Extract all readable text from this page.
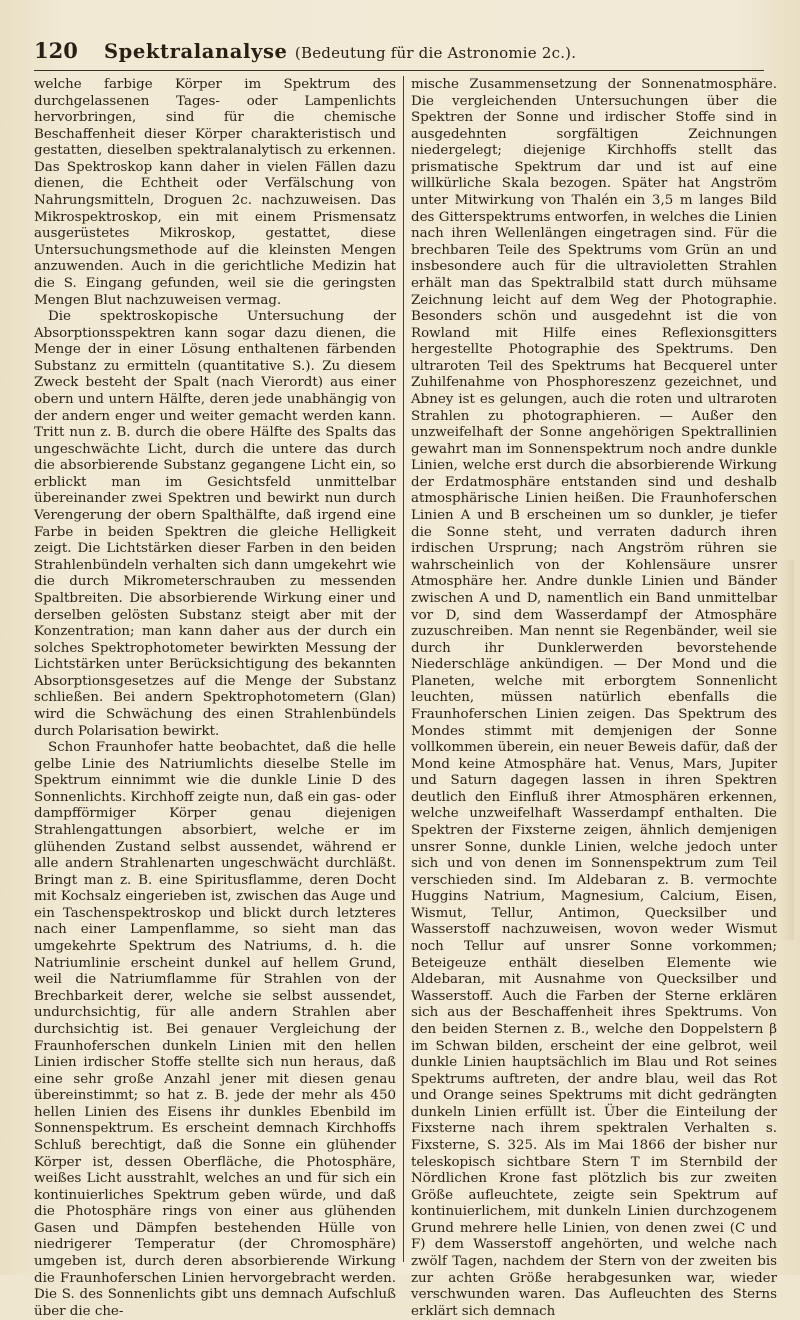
120	Spektralanalyse (Bedeutung für die Astronomie 2c.).

welche farbige Körper im Spektrum des durchgelassenen Tages- oder Lampenlichts hervorbringen, sind für die chemische Beschaffenheit dieser Körper charakteristisch und gestatten, dieselben spektralanalytisch zu erkennen. Das Spektroskop kann daher in vielen Fällen dazu dienen, die Echtheit oder Verfälschung von Nahrungsmitteln, Droguen 2c. nachzuweisen. Das Mikrospektroskop, ein mit einem Prismensatz ausgerüstetes Mikroskop, gestattet, diese Untersuchungsmethode auf die kleinsten Mengen anzuwenden. Auch in die gerichtliche Medizin hat die S. Eingang gefunden, weil sie die geringsten Mengen Blut nachzuweisen vermag.

Die spektroskopische Untersuchung der Absorptionsspektren kann sogar dazu dienen, die Menge der in einer Lösung enthaltenen färbenden Substanz zu ermitteln (quantitative S.). Zu diesem Zweck besteht der Spalt (nach Vierordt) aus einer obern und untern Hälfte, deren jede unabhängig von der andern enger und weiter gemacht werden kann. Tritt nun z. B. durch die obere Hälfte des Spalts das ungeschwächte Licht, durch die untere das durch die absorbierende Substanz gegangene Licht ein, so erblickt man im Gesichtsfeld unmittelbar übereinander zwei Spektren und bewirkt nun durch Verengerung der obern Spalthälfte, daß irgend eine Farbe in beiden Spektren die gleiche Helligkeit zeigt. Die Lichtstärken dieser Farben in den beiden Strahlenbündeln verhalten sich dann umgekehrt wie die durch Mikrometerschrauben zu messenden Spaltbreiten. Die absorbierende Wirkung einer und derselben gelösten Substanz steigt aber mit der Konzentration; man kann daher aus der durch ein solches Spektrophotometer bewirkten Messung der Lichtstärken unter Berücksichtigung des bekannten Absorptionsgesetzes auf die Menge der Substanz schließen. Bei andern Spektrophotometern (Glan) wird die Schwächung des einen Strahlenbündels durch Polarisation bewirkt.

Schon Fraunhofer hatte beobachtet, daß die helle gelbe Linie des Natriumlichts dieselbe Stelle im Spektrum einnimmt wie die dunkle Linie D des Sonnenlichts. Kirchhoff zeigte nun, daß ein gas- oder dampfförmiger Körper genau diejenigen Strahlengattungen absorbiert, welche er im glühenden Zustand selbst aussendet, während er alle andern Strahlenarten ungeschwächt durchläßt. Bringt man z. B. eine Spiritusflamme, deren Docht mit Kochsalz eingerieben ist, zwischen das Auge und ein Taschenspektroskop und blickt durch letzteres nach einer Lampenflamme, so sieht man das umgekehrte Spektrum des Natriums, d. h. die Natriumlinie erscheint dunkel auf hellem Grund, weil die Natriumflamme für Strahlen von der Brechbarkeit derer, welche sie selbst aussendet, undurchsichtig, für alle andern Strahlen aber durchsichtig ist. Bei genauer Vergleichung der Fraunhoferschen dunkeln Linien mit den hellen Linien irdischer Stoffe stellte sich nun heraus, daß eine sehr große Anzahl jener mit diesen genau übereinstimmt; so hat z. B. jede der mehr als 450 hellen Linien des Eisens ihr dunkles Ebenbild im Sonnenspektrum. Es erscheint demnach Kirchhoffs Schluß berechtigt, daß die Sonne ein glühender Körper ist, dessen Oberfläche, die Photosphäre, weißes Licht ausstrahlt, welches an und für sich ein kontinuierliches Spektrum geben würde, und daß die Photosphäre rings von einer aus glühenden Gasen und Dämpfen bestehenden Hülle von niedrigerer Temperatur (der Chromosphäre) umgeben ist, durch deren absorbierende Wirkung die Fraunhoferschen Linien hervorgebracht werden. Die S. des Sonnenlichts gibt uns demnach Aufschluß über die che-

mische Zusammensetzung der Sonnenatmosphäre. Die vergleichenden Untersuchungen über die Spektren der Sonne und irdischer Stoffe sind in ausgedehnten sorgfältigen Zeichnungen niedergelegt; diejenige Kirchhoffs stellt das prismatische Spektrum dar und ist auf eine willkürliche Skala bezogen. Später hat Angström unter Mitwirkung von Thalén ein 3,5 m langes Bild des Gitterspektrums entworfen, in welches die Linien nach ihren Wellenlängen eingetragen sind. Für die brechbaren Teile des Spektrums vom Grün an und insbesondere auch für die ultravioletten Strahlen erhält man das Spektralbild statt durch mühsame Zeichnung leicht auf dem Weg der Photographie. Besonders schön und ausgedehnt ist die von Rowland mit Hilfe eines Reflexionsgitters hergestellte Photographie des Spektrums. Den ultraroten Teil des Spektrums hat Becquerel unter Zuhilfenahme von Phosphoreszenz gezeichnet, und Abney ist es gelungen, auch die roten und ultraroten Strahlen zu photographieren. — Außer den unzweifelhaft der Sonne angehörigen Spektrallinien gewahrt man im Sonnenspektrum noch andre dunkle Linien, welche erst durch die absorbierende Wirkung der Erdatmosphäre entstanden sind und deshalb atmosphärische Linien heißen. Die Fraunhoferschen Linien A und B erscheinen um so dunkler, je tiefer die Sonne steht, und verraten dadurch ihren irdischen Ursprung; nach Angström rühren sie wahrscheinlich von der Kohlensäure unsrer Atmosphäre her. Andre dunkle Linien und Bänder zwischen A und D, namentlich ein Band unmittelbar vor D, sind dem Wasserdampf der Atmosphäre zuzuschreiben. Man nennt sie Regenbänder, weil sie durch ihr Dunklerwerden bevorstehende Niederschläge ankündigen. — Der Mond und die Planeten, welche mit erborgtem Sonnenlicht leuchten, müssen natürlich ebenfalls die Fraunhoferschen Linien zeigen. Das Spektrum des Mondes stimmt mit demjenigen der Sonne vollkommen überein, ein neuer Beweis dafür, daß der Mond keine Atmosphäre hat. Venus, Mars, Jupiter und Saturn dagegen lassen in ihren Spektren deutlich den Einfluß ihrer Atmosphären erkennen, welche unzweifelhaft Wasserdampf enthalten. Die Spektren der Fixsterne zeigen, ähnlich demjenigen unsrer Sonne, dunkle Linien, welche jedoch unter sich und von denen im Sonnenspektrum zum Teil verschieden sind. Im Aldebaran z. B. vermochte Huggins Natrium, Magnesium, Calcium, Eisen, Wismut, Tellur, Antimon, Quecksilber und Wasserstoff nachzuweisen, wovon weder Wismut noch Tellur auf unsrer Sonne vorkommen; Beteigeuze enthält dieselben Elemente wie Aldebaran, mit Ausnahme von Quecksilber und Wasserstoff. Auch die Farben der Sterne erklären sich aus der Beschaffenheit ihres Spektrums. Von den beiden Sternen z. B., welche den Doppelstern β im Schwan bilden, erscheint der eine gelbrot, weil dunkle Linien hauptsächlich im Blau und Rot seines Spektrums auftreten, der andre blau, weil das Rot und Orange seines Spektrums mit dicht gedrängten dunkeln Linien erfüllt ist. Über die Einteilung der Fixsterne nach ihrem spektralen Verhalten s. Fixsterne, S. 325. Als im Mai 1866 der bisher nur teleskopisch sichtbare Stern T im Sternbild der Nördlichen Krone fast plötzlich bis zur zweiten Größe aufleuchtete, zeigte sein Spektrum auf kontinuierlichem, mit dunkeln Linien durchzogenem Grund mehrere helle Linien, von denen zwei (C und F) dem Wasserstoff angehörten, und welche nach zwölf Tagen, nachdem der Stern von der zweiten bis zur achten Größe herabgesunken war, wieder verschwunden waren. Das Aufleuchten des Sterns erklärt sich demnach
